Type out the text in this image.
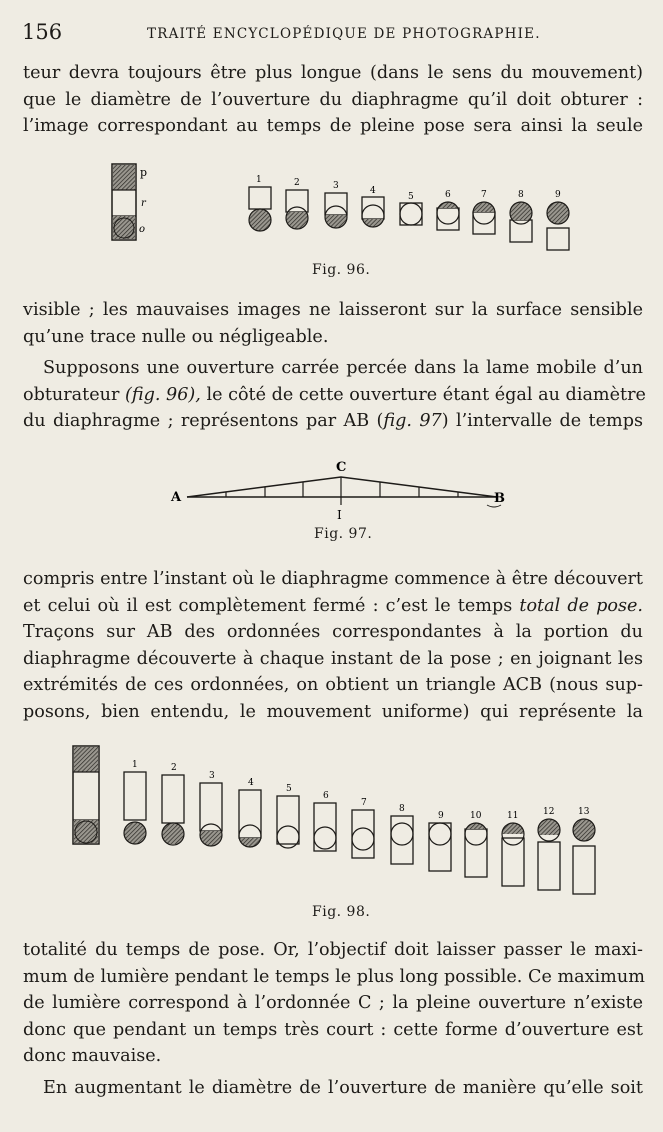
156	TRAITÉ ENCYCLOPÉDIQUE DE PHOTOGRAPHIE.
teur devra toujours être plus longue (dans le sens du mouvement)
que le diamètre de l’ouverture du diaphragme qu’il doit obturer :
l’image correspondant au temps de pleine pose sera ainsi la seule
p
r
o
1	2	3	4
5	6	7	8	9
Fig. 96.
visible ; les mauvaises images ne laisseront sur la surface sensible
qu’une trace nulle ou négligeable.
Supposons une ouverture carrée percée dans la lame mobile d’un
obturateur (fig. 96), le côté de cette ouverture étant égal au diamètre
du diaphragme ; représentons par AB (fig. 97) l’intervalle de temps
A	B
C
I
Fig. 97.
compris entre l’instant où le diaphragme commence à être découvert
et celui où il est complètement fermé : c’est le temps total de pose.
Traçons sur AB des ordonnées correspondantes à la portion du
diaphragme découverte à chaque instant de la pose ; en joignant les
extrémités de ces ordonnées, on obtient un triangle ACB (nous sup-
posons, bien entendu, le mouvement uniforme) qui représente la
1	2
3
4
5
6
7
8
9	10	11	12	13
Fig. 98.
totalité du temps de pose. Or, l’objectif doit laisser passer le maxi-
mum de lumière pendant le temps le plus long possible. Ce maximum
de lumière correspond à l’ordonnée C ; la pleine ouverture n’existe
donc que pendant un temps très court : cette forme d’ouverture est
donc mauvaise.
En augmentant le diamètre de l’ouverture de manière qu’elle soit
